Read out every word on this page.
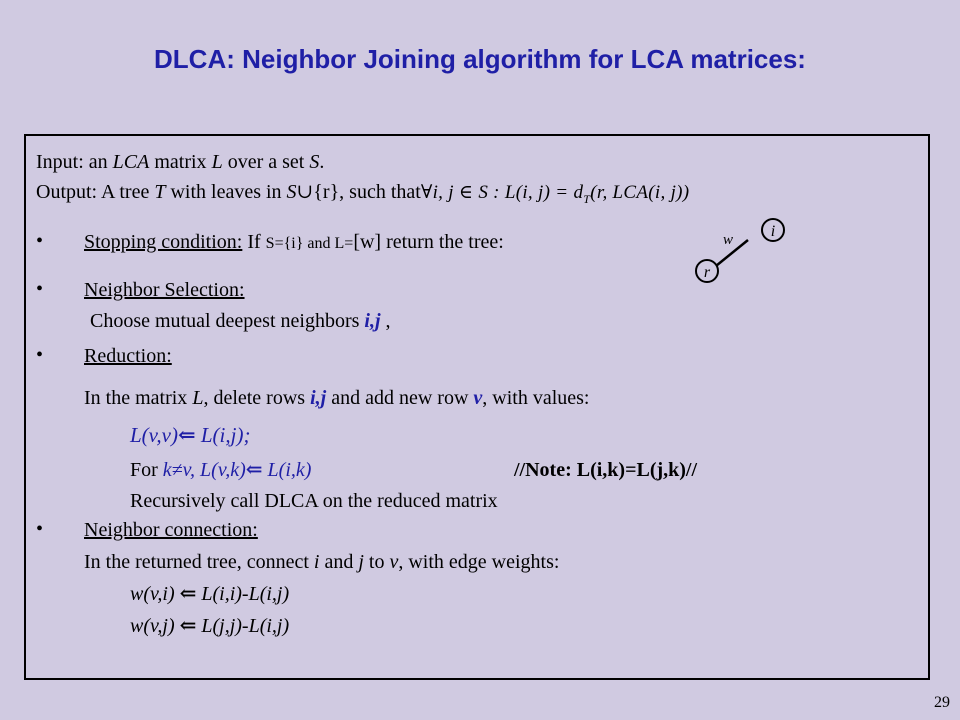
DLCA: Neighbor Joining algorithm for LCA matrices:
Input: an LCA matrix L over a set S.
Output: A tree T with leaves in S∪{r}, such that∀i, j ∈ S : L(i, $j) = d_T(r$, LCA(i, j))
• Stopping condition: If S={i} and L=[w] return the tree:	i
r
w
• Neighbor Selection:
Choose mutual deepest neighbors i,j ,
• Reduction:
In the matrix L, delete rows i,j and add new row v, with values:
L(v,v)⇐ L(i,j);
For k≠v, L(v,k)⇐ L(i,k)	//Note: L(i,k)=L(j,k)//
Recursively call DLCA on the reduced matrix
• Neighbor connection:
In the returned tree, connect i and j to v, with edge weights:
w(v,i) ⇐ L(i,i)-L(i,j)
w(v,j) ⇐ L(j,j)-L(i,j)
29
